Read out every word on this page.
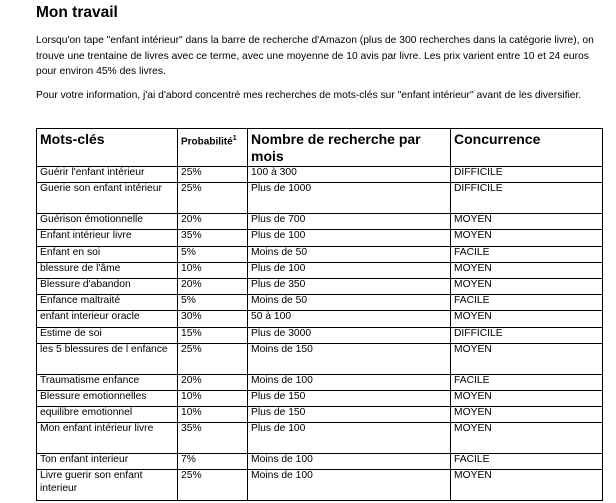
Mon travail

Lorsqu'on tape "enfant intérieur" dans la barre de recherche d'Amazon (plus de 300 recherches dans la catégorie livre), on trouve une trentaine de livres avec ce terme, avec une moyenne de 10 avis par livre. Les prix varient entre 10 et 24 euros pour environ 45% des livres.

Pour votre information, j'ai d'abord concentré mes recherches de mots-clés sur "enfant intérieur" avant de les diversifier.

Mots-clés	Probabilité$^1$	Nombre de recherche par mois	Concurrence
Guérir l'enfant intérieur	25%	100 à 300	DIFFICILE
Guerie son enfant intérieur	25%	Plus de 1000	DIFFICILE
Guérison émotionnelle	20%	Plus de 700	MOYEN
Enfant intérieur livre	35%	Plus de 100	MOYEN
Enfant en soi	5%	Moins de 50	FACILE
blessure de l'âme	10%	Plus de 100	MOYEN
Blessure d'abandon	20%	Plus de 350	MOYEN
Enfance maltraité	5%	Moins de 50	FACILE
enfant interieur oracle	30%	50 à 100	MOYEN
Estime de soi	15%	Plus de 3000	DIFFICILE
les 5 blessures de l enfance	25%	Moins de 150	MOYEN
Traumatisme enfance	20%	Moins de 100	FACILE
Blessure emotionnelles	10%	Plus de 150	MOYEN
equilibre emotionnel	10%	Plus de 150	MOYEN
Mon enfant intérieur livre	35%	Plus de 100	MOYEN
Ton enfant interieur	7%	Moins de 100	FACILE
Livre guerir son enfant interieur	25%	Moins de 100	MOYEN
